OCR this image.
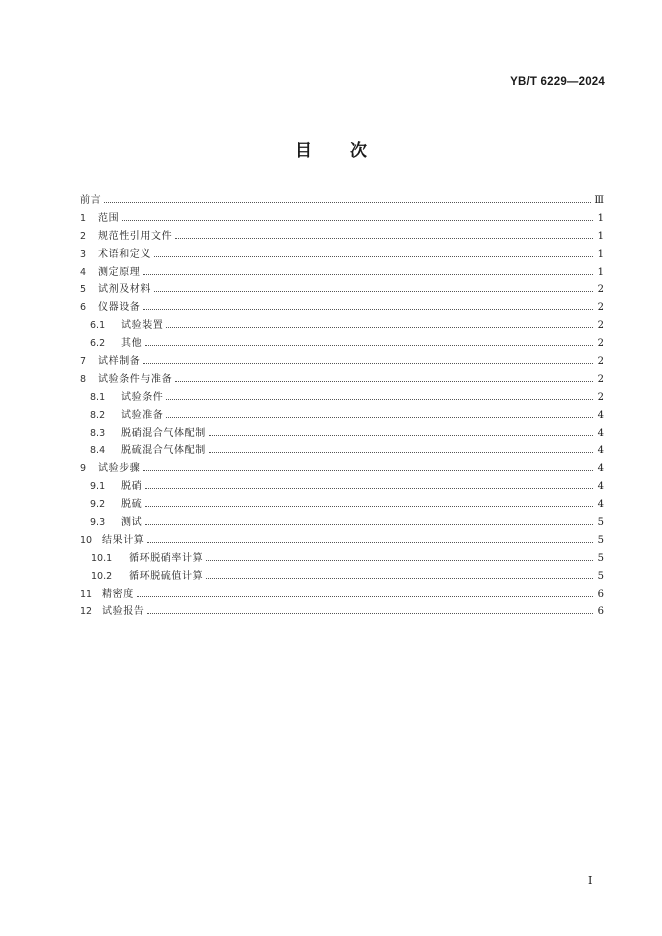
YB/T 6229—2024
目次
前言	Ⅲ
1	范围	1
2	规范性引用文件	1
3	术语和定义	1
4	测定原理	1
5	试剂及材料	2
6	仪器设备	2
6.1	试验装置	2
6.2	其他	2
7	试样制备	2
8	试验条件与准备	2
8.1	试验条件	2
8.2	试验准备	4
8.3	脱硝混合气体配制	4
8.4	脱硫混合气体配制	4
9	试验步骤	4
9.1	脱硝	4
9.2	脱硫	4
9.3	测试	5
10 结果计算	5
10.1	循环脱硝率计算	5
10.2	循环脱硫值计算	5
11 精密度	6
12 试验报告	6
I
